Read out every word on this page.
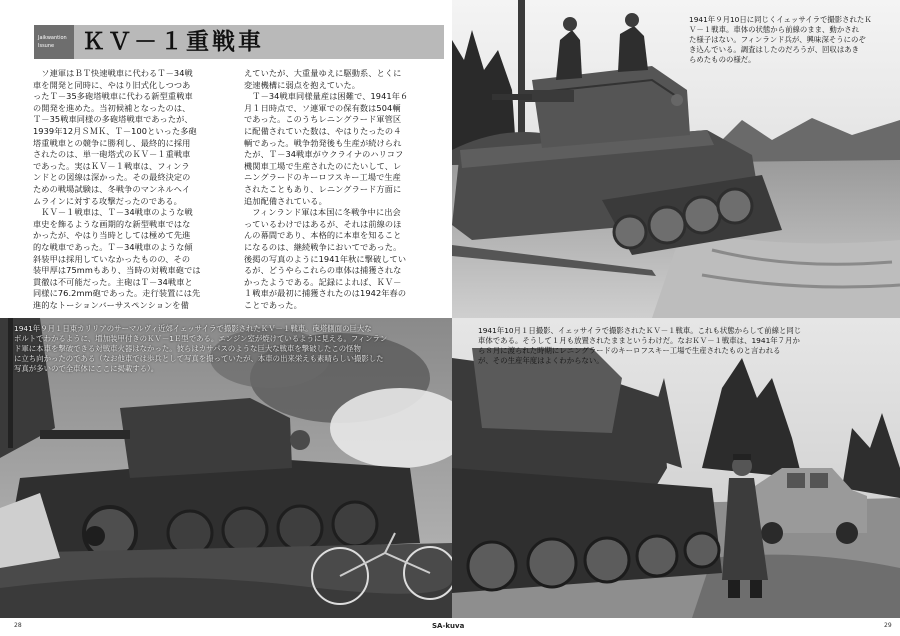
Jaikwantion Issune	ＫＶ－１重戦車

　ソ連軍はＢＴ快速戦車に代わるＴ－34戦
車を開発と同時に、やはり旧式化しつつあ
ったＴ－35多砲塔戦車に代わる新型重戦車
の開発を進めた。当初候補となったのは、
Ｔ－35戦車同様の多砲塔戦車であったが、
1939年12月ＳＭＫ、Ｔ－100といった多砲
塔重戦車との競争に勝利し、最終的に採用
されたのは、単一砲塔式のＫＶ－１重戦車
であった。実はＫＶ－１戦車は、フィンラ
ンドとの図線は深かった。その最終決定の
ための戦場試験は、冬戦争のマンネルヘイ
ムラインに対する攻撃だったのである。
　ＫＶ－１戦車は、Ｔ－34戦車のような戦
車史を飾るような画期的な新型戦車ではな
かったが、やはり当時としては極めて先進
的な戦車であった。Ｔ－34戦車のような傾
斜装甲は採用していなかったものの、その
装甲厚は75mmもあり、当時の対戦車砲では
貫徹は不可能だった。主砲はＴ－34戦車と
同様に76.2mm砲であった。走行装置には先
進的なトーションバーサスペンションを備

えていたが、大重量ゆえに駆動系、とくに
変速機構に弱点を抱えていた。
　Ｔ－34戦車同様量産は困難で、1941年６
月１日時点で、ソ連軍での保有数は504輌
であった。このうちレニングラード軍管区
に配備されていた数は、やはりたったの４
輌であった。戦争勃発後も生産が続けられ
たが、Ｔ－34戦車がウクライナのハリコフ
機関車工場で生産されたのにたいして、レ
ニングラードのキーロフスキー工場で生産
されたこともあり、レニングラード方面に
追加配備されている。
　フィンランド軍は本国に冬戦争中に出会
っているわけではあるが、それは前線のほ
んの幕間であり、本格的に本車を知ること
になるのは、継続戦争においてであった。
後掲の写真のように1941年秋に撃破してい
るが、どうやらこれらの車体は捕獲されな
かったようである。記録によれば、ＫＶ－
１戦車が最初に捕獲されたのは1942年春の
ことであった。

1941年９月10日に同じくイェッサイラで撮影されたＫ
Ｖ－１戦車。車体の状態から前線のまま、動かされ
た様子はない。フィンランド兵が、興味深そうにのぞ
き込んでいる。調査はしたのだろうが、回収はあき
らめたものの様だ。

1941年９月１日東カリリアのサーマルヴィ近郊イェッサイラで撮影されたＫＶ－１戦車。砲塔側面の巨大な
ボルトでわかるように、増加装甲付きのＫＶ－1Ｅ型である。エンジン室が焼けているように見える。フィンラン
ド軍に本車を撃破できる対戦車火器はなかった。彼らはカサパスのような巨大な戦車を撃破したこの怪物
に立ち向かったのである（なお他車では歩兵として写真を撮っていたが、本車の出来栄えも素晴らしい撮影した
写真が多いので全車体にここに掲載する）。

1941年10月１日撮影、イェッサイラで撮影されたＫＶ－１戦車。これも状態からして前線と同じ
車体である。そうして１月も放置されたままというわけだ。なおＫＶ－１戦車は、1941年７月か
ら８月に渡られた時期にレニングラードのキーロフスキー工場で生産されたものと言われる
が、その生産年度はよくわからない。

28	SA-kuva	29
